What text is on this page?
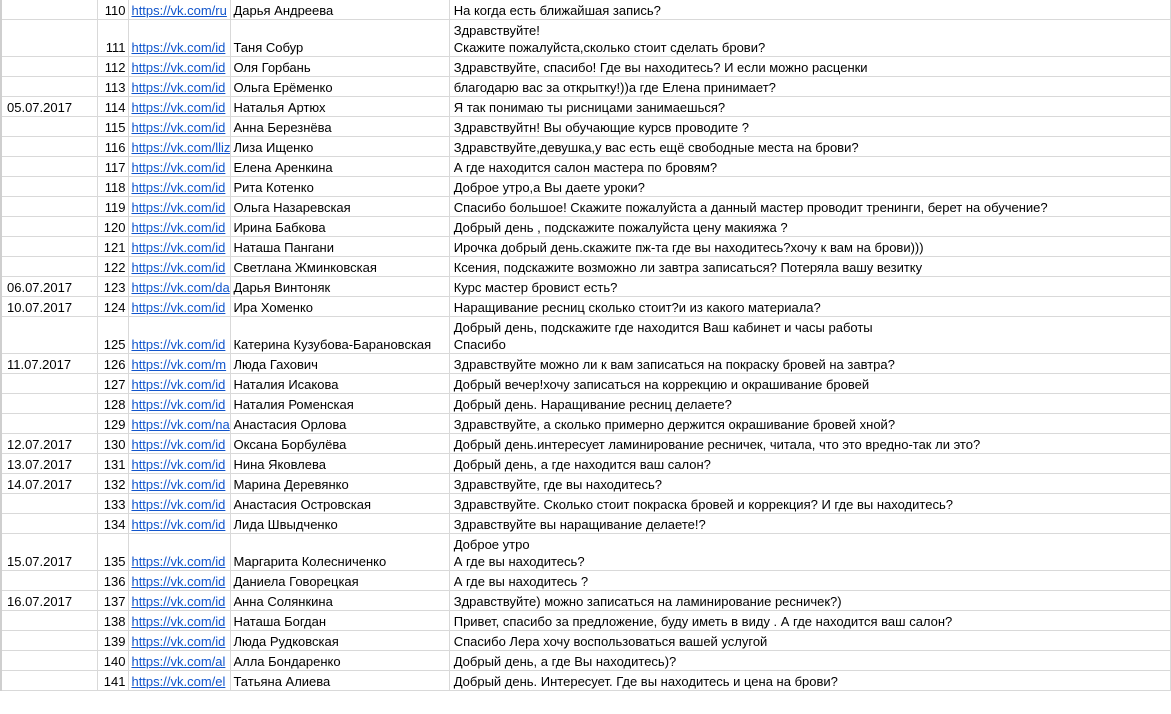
	110	https://vk.com/ru	Дарья Андреева	На когда есть ближайшая запись?

	111	https://vk.com/id	Таня Собур	Здравствуйте!
Скажите пожалуйста,сколько стоит сделать брови?

	112	https://vk.com/id	Оля Горбань	Здравствуйте, спасибо! Где вы находитесь? И если можно расценки

	113	https://vk.com/id	Ольга Ерёменко	благодарю вас за открытку!))а где Елена принимает?

05.07.2017	114	https://vk.com/id	Наталья Артюх	Я так понимаю ты рисницами занимаешься?

	115	https://vk.com/id	Анна Березнёва	Здравствуйтн! Вы обучающие курсв проводите ?

	116	https://vk.com/lliz	Лиза Ищенко	Здравствуйте,девушка,у вас есть ещё свободные места на брови?

	117	https://vk.com/id	Елена Аренкина	А где находится салон мастера по бровям?

	118	https://vk.com/id	Рита Котенко	Доброе утро,а Вы даете уроки?

	119	https://vk.com/id	Ольга Назаревская	Спасибо большое! Скажите пожалуйста а данный мастер проводит тренинги, берет на обучение?

	120	https://vk.com/id	Ирина Бабкова	Добрый день , подскажите пожалуйста цену макияжа ?

	121	https://vk.com/id	Наташа Пангани	Ирочка добрый день.скажите пж-та где вы находитесь?хочу к вам на брови)))

	122	https://vk.com/id	Светлана Жминковская	Ксения, подскажите возможно ли завтра записаться? Потеряла вашу везитку

06.07.2017	123	https://vk.com/da	Дарья Винтоняк	Курс мастер бровист есть?

10.07.2017	124	https://vk.com/id	Ира Хоменко	Наращивание ресниц сколько стоит?и из какого материала?

	125	https://vk.com/id	Катерина Кузубова-Барановская	Добрый день, подскажите где находится Ваш кабинет и часы работы
Спасибо

11.07.2017	126	https://vk.com/m	Люда Гахович	Здравствуйте можно ли к вам записаться на покраску бровей на завтра?

	127	https://vk.com/id	Наталия Исакова	Добрый вечер!хочу записаться на коррекцию и окрашивание бровей

	128	https://vk.com/id	Наталия Роменская	Добрый день. Наращивание ресниц делаете?

	129	https://vk.com/na	Анастасия Орлова	Здравствуйте, а сколько примерно держится окрашивание бровей хной?

12.07.2017	130	https://vk.com/id	Оксана Борбулёва	Добрый день.интересует ламинирование ресничек, читала, что это вредно-так ли это?

13.07.2017	131	https://vk.com/id	Нина Яковлева	Добрый день, а где находится ваш салон?

14.07.2017	132	https://vk.com/id	Марина Деревянко	Здравствуйте, где вы находитесь?

	133	https://vk.com/id	Анастасия Островская	Здравствуйте. Сколько стоит покраска бровей и коррекция? И где вы находитесь?

	134	https://vk.com/id	Лида Швыдченко	Здравствуйте вы наращивание делаете!?

15.07.2017	135	https://vk.com/id	Маргарита Колесниченко	Доброе утро
А где вы находитесь?

	136	https://vk.com/id	Даниела Говорецкая	А где вы находитесь ?

16.07.2017	137	https://vk.com/id	Анна Солянкина	Здравствуйте) можно записаться на ламинирование ресничек?)

	138	https://vk.com/id	Наташа Богдан	Привет, спасибо за предложение, буду иметь в виду . А где находится ваш салон?

	139	https://vk.com/id	Люда Рудковская	Спасибо Лера хочу воспользоваться вашей услугой

	140	https://vk.com/al	Алла Бондаренко	Добрый день, а где Вы находитесь)?

	141	https://vk.com/el	Татьяна Алиева	Добрый день. Интересует. Где вы находитесь и цена на брови?
